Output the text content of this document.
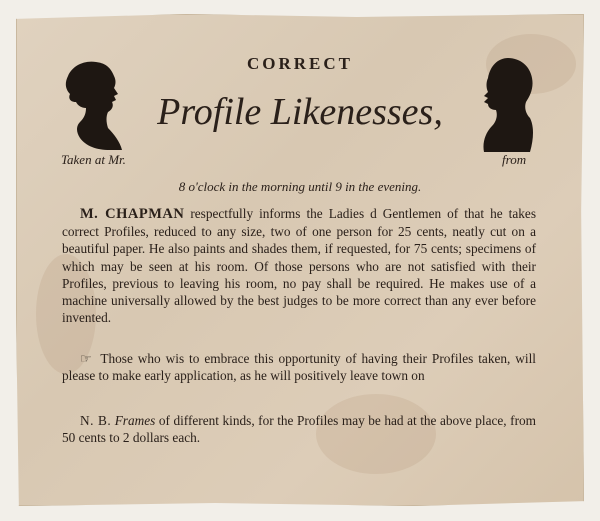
CORRECT
Profile Likenesses,
Taken at Mr.	from
8 o'clock in the morning until 9 in the evening.
M. CHAPMAN respectfully informs the Ladies d Gentlemen of that he takes correct Profiles, reduced to any size, two of one person for 25 cents, neatly cut on a beautiful paper. He also paints and shades them, if requested, for 75 cents; specimens of which may be seen at his room. Of those persons who are not satisfied with their Profiles, previous to leaving his room, no pay shall be required. He makes use of a machine universally allowed by the best judges to be more correct than any ever before invented.
☞ Those who wis to embrace this opportunity of having their Profiles taken, will please to make early application, as he will positively leave town on
N. B. Frames of different kinds, for the Profiles may be had at the above place, from 50 cents to 2 dollars each.
